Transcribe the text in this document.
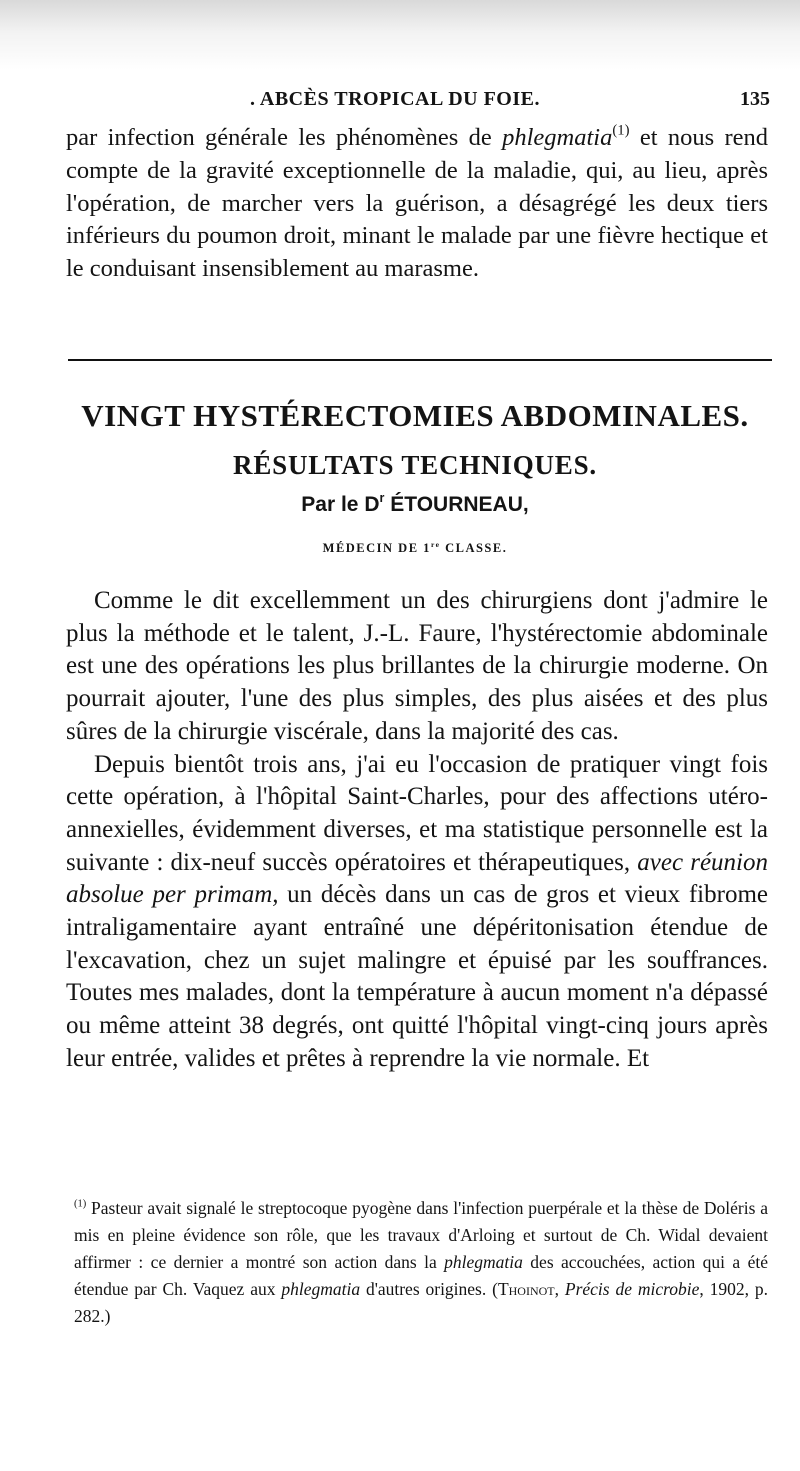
. ABCÈS TROPICAL DU FOIE.	135

par infection générale les phénomènes de phlegmatia$^{(1)}$ et nous rend compte de la gravité exceptionnelle de la maladie, qui, au lieu, après l'opération, de marcher vers la guérison, a désagrégé les deux tiers inférieurs du poumon droit, minant le malade par une fièvre hectique et le conduisant insensiblement au marasme.

VINGT HYSTÉRECTOMIES ABDOMINALES.
RÉSULTATS TECHNIQUES.
Par le $D^r$ ÉTOURNEAU,
MÉDECIN DE 1re CLASSE.

Comme le dit excellemment un des chirurgiens dont j'admire le plus la méthode et le talent, J.-L. Faure, l'hystérectomie abdominale est une des opérations les plus brillantes de la chirurgie moderne. On pourrait ajouter, l'une des plus simples, des plus aisées et des plus sûres de la chirurgie viscérale, dans la majorité des cas.

Depuis bientôt trois ans, j'ai eu l'occasion de pratiquer vingt fois cette opération, à l'hôpital Saint-Charles, pour des affections utéro-annexielles, évidemment diverses, et ma statistique personnelle est la suivante : dix-neuf succès opératoires et thérapeutiques, avec réunion absolue per primam, un décès dans un cas de gros et vieux fibrome intraligamentaire ayant entraîné une dépéritonisation étendue de l'excavation, chez un sujet malingre et épuisé par les souffrances. Toutes mes malades, dont la température à aucun moment n'a dépassé ou même atteint 38 degrés, ont quitté l'hôpital vingt-cinq jours après leur entrée, valides et prêtes à reprendre la vie normale. Et

$^{(1)}$ Pasteur avait signalé le streptocoque pyogène dans l'infection puerpérale et la thèse de Doléris a mis en pleine évidence son rôle, que les travaux d'Arloing et surtout de Ch. Widal devaient affirmer : ce dernier a montré son action dans la phlegmatia des accouchées, action qui a été étendue par Ch. Vaquez aux phlegmatia d'autres origines. (Thoinot, Précis de microbie, 1902, p. 282.)
